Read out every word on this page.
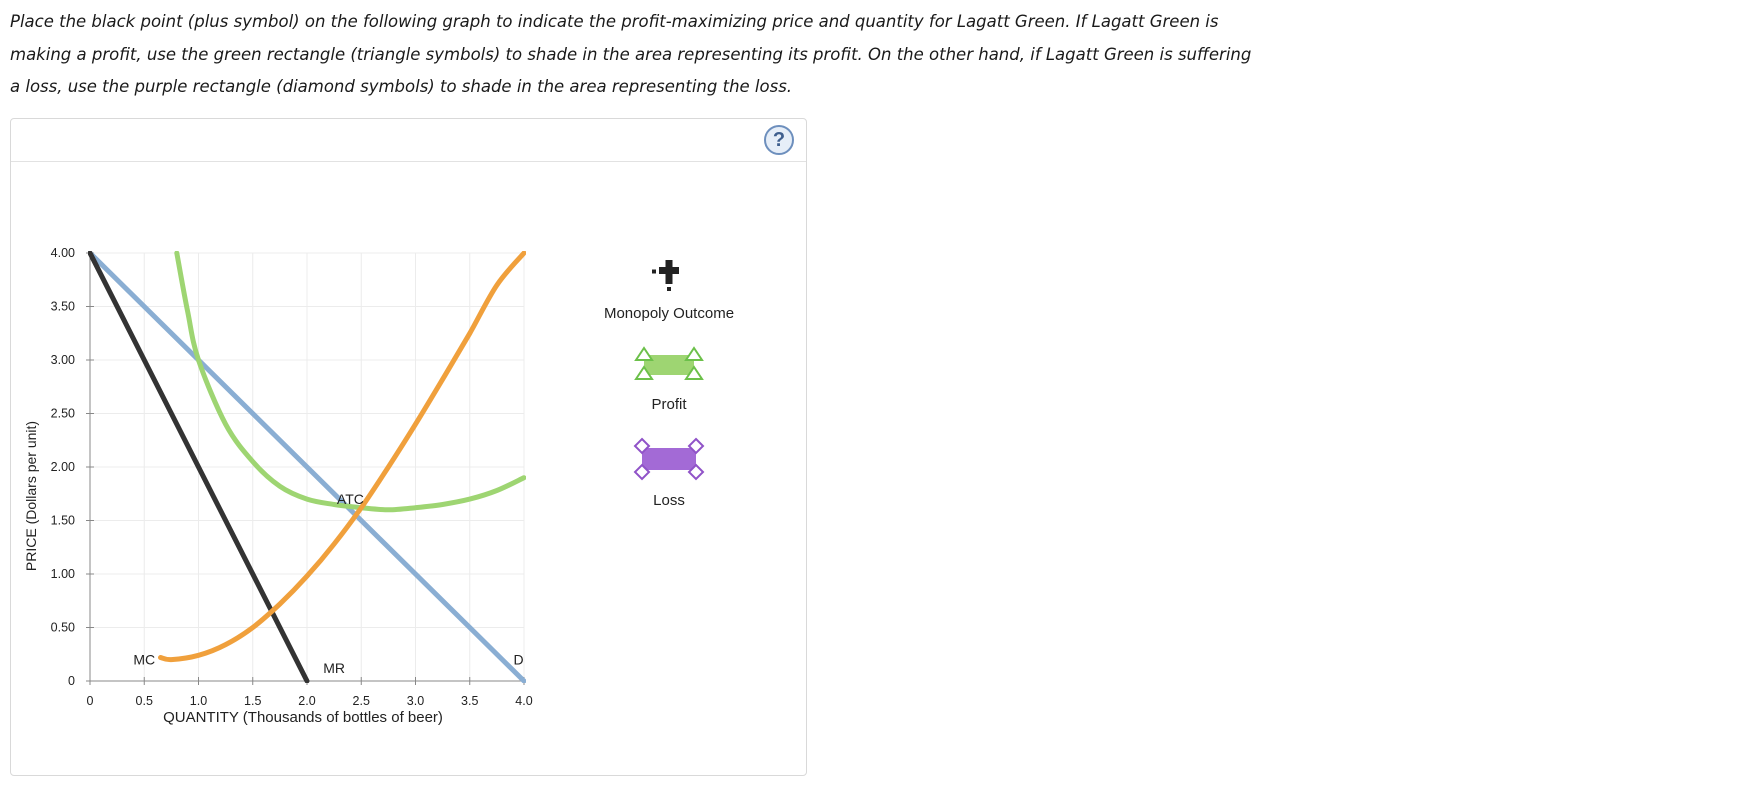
Place the black point (plus symbol) on the following graph to indicate the profit-maximizing price and quantity for Lagatt Green. If Lagatt Green is making a profit, use the green rectangle (triangle symbols) to shade in the area representing its profit. On the other hand, if Lagatt Green is suffering a loss, use the purple rectangle (diamond symbols) to shade in the area representing the loss.

?
0	0.5	1.0	1.5	2.0	2.5	3.0	3.5	4.0
0
0.50
1.00
1.50
2.00
2.50
3.00
3.50
4.00
MC
MR
ATC
D
QUANTITY (Thousands of bottles of beer)
PRICE (Dollars per unit)
Monopoly Outcome
Profit
Loss
